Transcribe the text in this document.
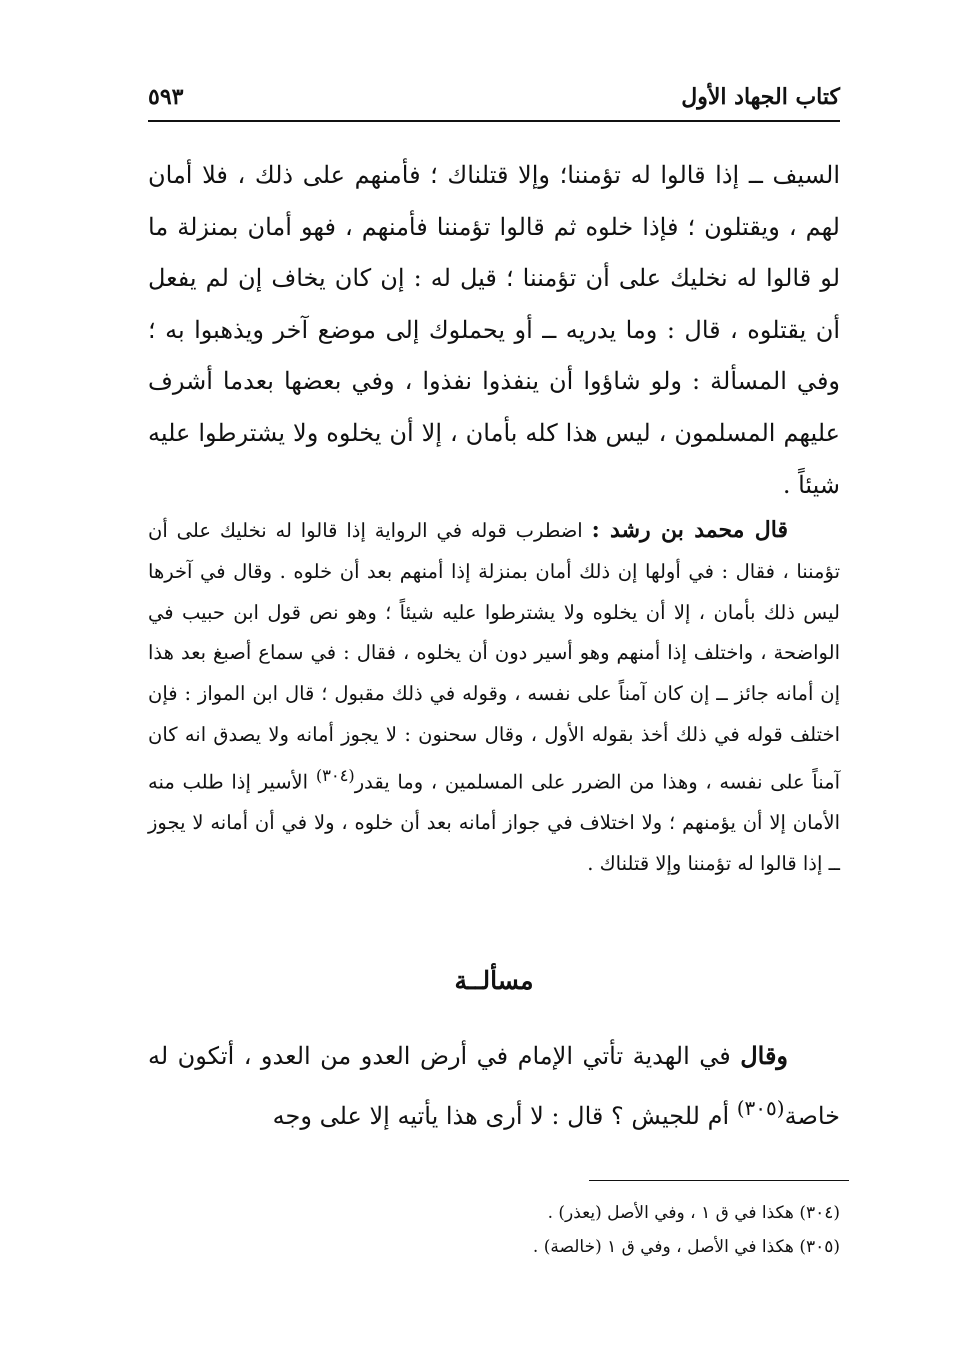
كتاب الجهاد الأول
٥٩٣
السيف ــ إذا قالوا له تؤمننا؛ وإلا قتلناك ؛ فأمنهم على ذلك ، فلا أمان لهم ، ويقتلون ؛ فإذا خلوه ثم قالوا تؤمننا فأمنهم ، فهو أمان بمنزلة ما لو قالوا له نخليك على أن تؤمننا ؛ قيل له : إن كان يخاف إن لم يفعل أن يقتلوه ، قال : وما يدريه ــ أو يحملوك إلى موضع آخر ويذهبوا به ؛ وفي المسألة : ولو شاؤوا أن ينفذوا نفذوا ، وفي بعضها بعدما أشرف عليهم المسلمون ، ليس هذا كله بأمان ، إلا أن يخلوه ولا يشترطوا عليه شيئاً .
قال محمد بن رشد : اضطرب قوله في الرواية إذا قالوا له نخليك على أن تؤمننا ، فقال : في أولها إن ذلك أمان بمنزلة إذا أمنهم بعد أن خلوه . وقال في آخرها ليس ذلك بأمان ، إلا أن يخلوه ولا يشترطوا عليه شيئاً ؛ وهو نص قول ابن حبيب في الواضحة ، واختلف إذا أمنهم وهو أسير دون أن يخلوه ، فقال : في سماع أصبغ بعد هذا إن أمانه جائز ــ إن كان آمناً على نفسه ، وقوله في ذلك مقبول ؛ قال ابن المواز : فإن اختلف قوله في ذلك أخذ بقوله الأول ، وقال سحنون : لا يجوز أمانه ولا يصدق انه كان آمناً على نفسه ، وهذا من الضرر على المسلمين ، وما يقدر$^{(٣٠٤)}$ الأسير إذا طلب منه الأمان إلا أن يؤمنهم ؛ ولا اختلاف في جواز أمانه بعد أن خلوه ، ولا في أن أمانه لا يجوز ــ إذا قالوا له تؤمننا وإلا قتلناك .
مسألــة
وقال في الهدية تأتي الإمام في أرض العدو من العدو ، أتكون له خاصة$^{(٣٠٥)}$ أم للجيش ؟ قال : لا أرى هذا يأتيه إلا على وجه
(٣٠٤) هكذا في ق ١ ، وفي الأصل (يعذر) .
(٣٠٥) هكذا في الأصل ، وفي ق ١ (خالصة) .
